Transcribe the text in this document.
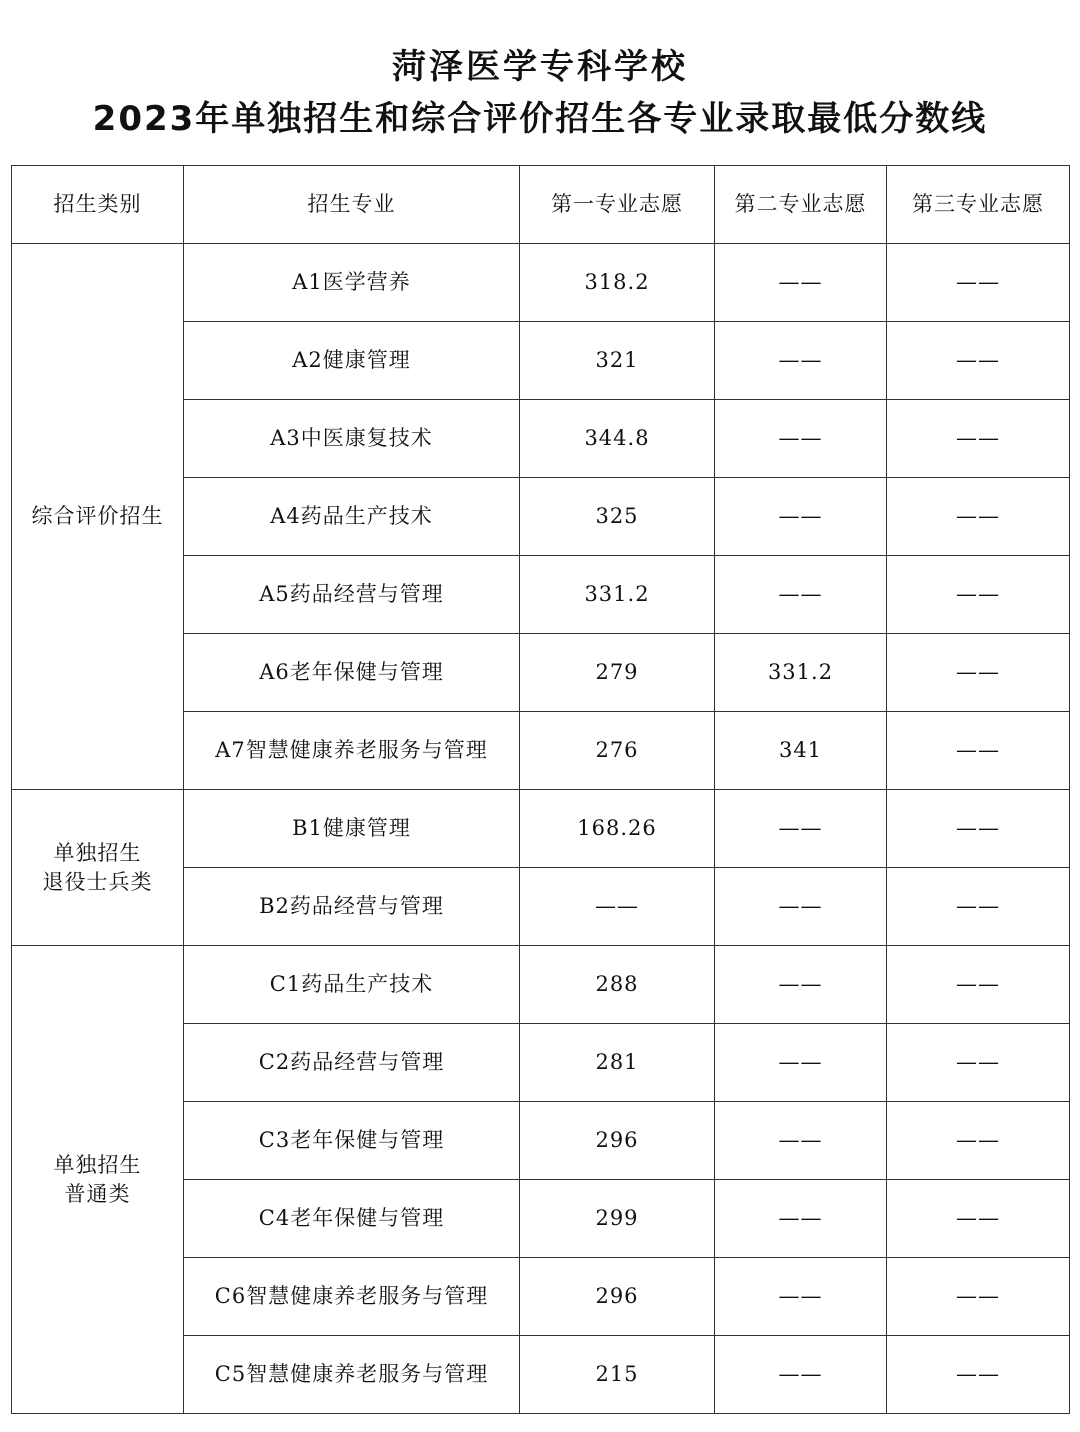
菏泽医学专科学校
2023年单独招生和综合评价招生各专业录取最低分数线
招生类别	招生专业	第一专业志愿	第二专业志愿	第三专业志愿

综合评价招生	A1医学营养	318.2	——	——
	A2健康管理	321	——	——
	A3中医康复技术	344.8	——	——
	A4药品生产技术	325	——	——
	A5药品经营与管理	331.2	——	——
	A6老年保健与管理	279	331.2	——
	A7智慧健康养老服务与管理	276	341	——

单独招生
退役士兵类	B1健康管理	168.26	——	——
	B2药品经营与管理	——	——	——

单独招生
普通类	C1药品生产技术	288	——	——
	C2药品经营与管理	281	——	——
	C3老年保健与管理	296	——	——
	C4老年保健与管理	299	——	——
	C6智慧健康养老服务与管理	296	——	——
	C5智慧健康养老服务与管理	215	——	——
